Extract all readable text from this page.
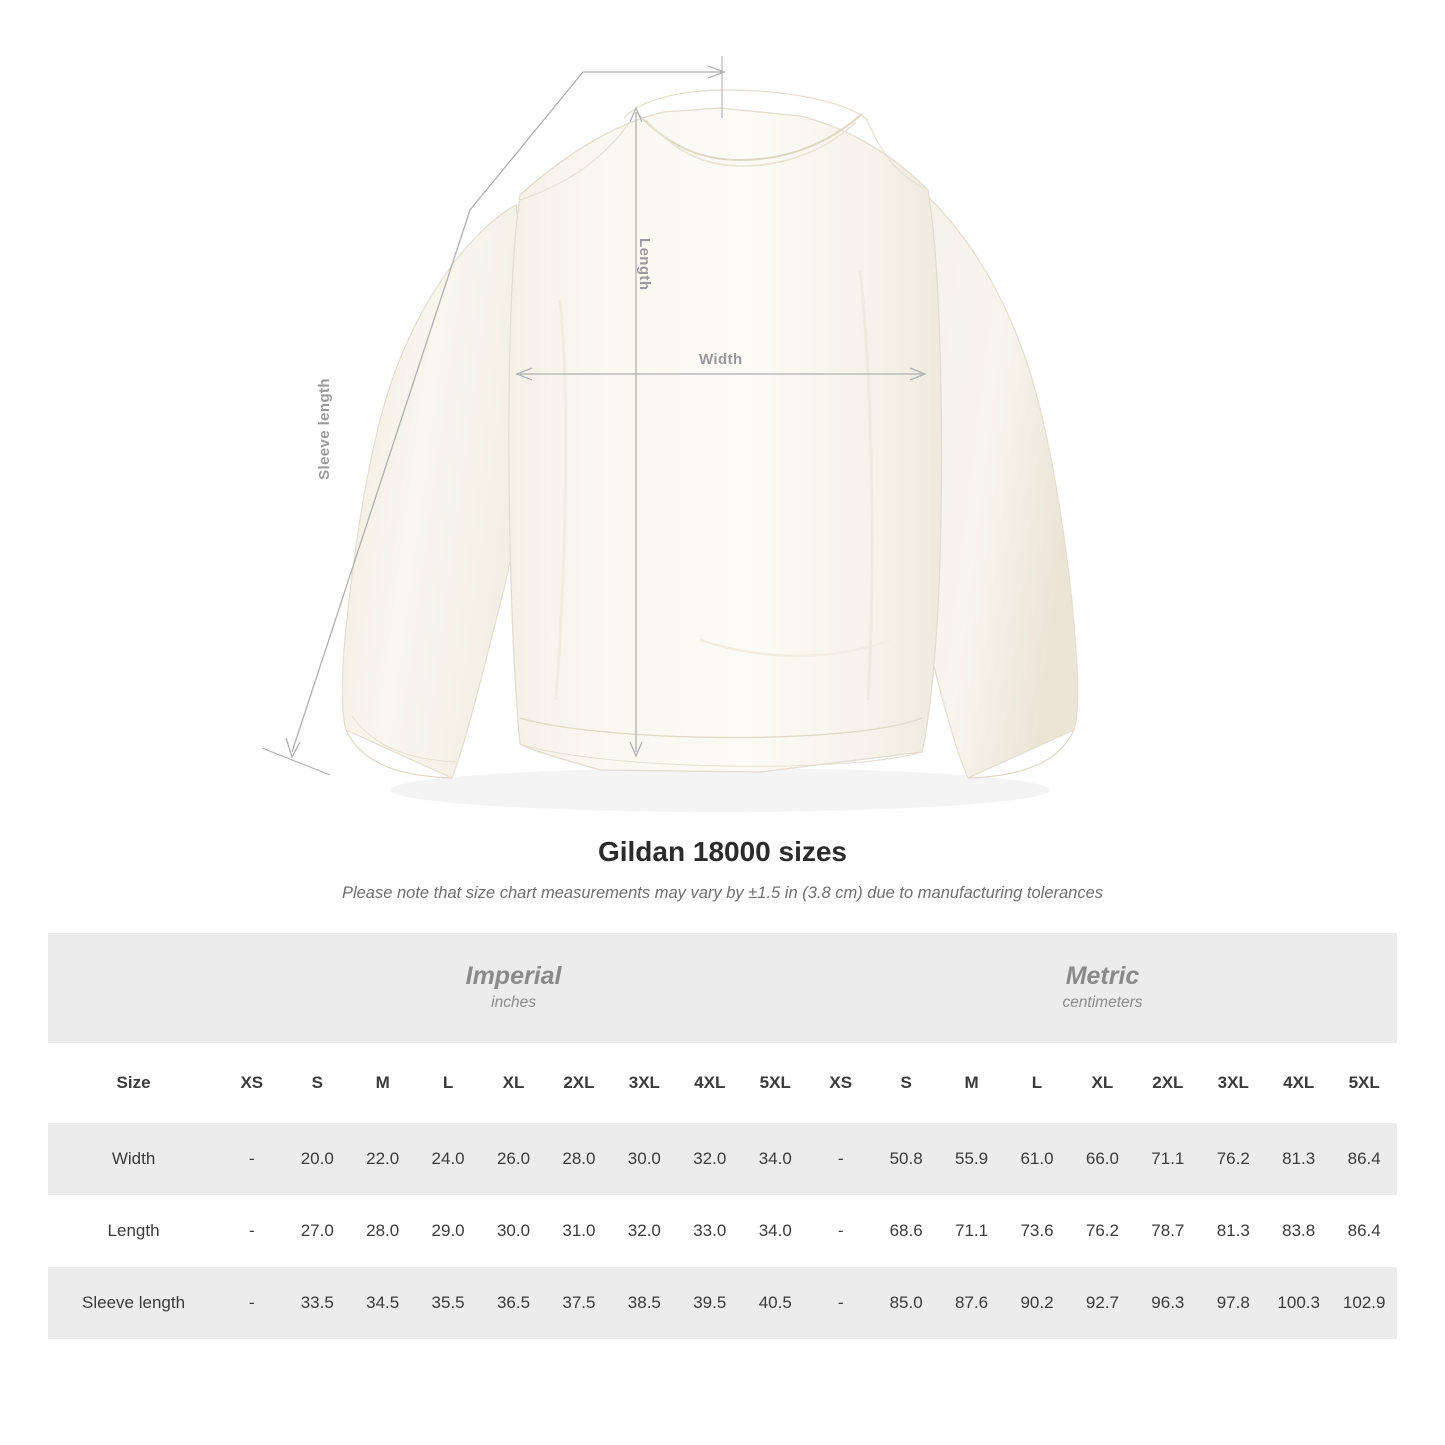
Length
Width
Sleeve length
Gildan 18000 sizes

Please note that size chart measurements may vary by ±1.5 in (3.8 cm) due to manufacturing tolerances

Imperial
inches

Metric
centimeters

Size	XS	S	M	L	XL	2XL	3XL	4XL	5XL	XS	S	M	L	XL	2XL	3XL	4XL	5XL
Width	-	20.0	22.0	24.0	26.0	28.0	30.0	32.0	34.0	-	50.8	55.9	61.0	66.0	71.1	76.2	81.3	86.4
Length	-	27.0	28.0	29.0	30.0	31.0	32.0	33.0	34.0	-	68.6	71.1	73.6	76.2	78.7	81.3	83.8	86.4
Sleeve length	-	33.5	34.5	35.5	36.5	37.5	38.5	39.5	40.5	-	85.0	87.6	90.2	92.7	96.3	97.8	100.3	102.9
